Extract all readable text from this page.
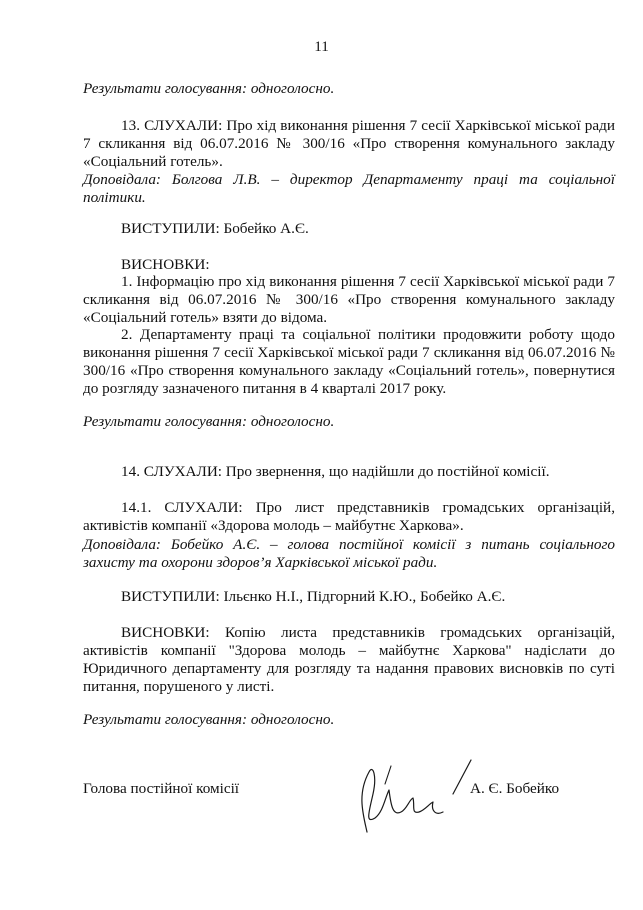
11

Результати голосування: одноголосно.

13. СЛУХАЛИ: Про хід виконання рішення 7 сесії Харківської міської ради 7 скликання від 06.07.2016 № 300/16 «Про створення комунального закладу «Соціальний готель».

Доповідала: Болгова Л.В. – директор Департаменту праці та соціальної політики.

ВИСТУПИЛИ: Бобейко А.Є.

ВИСНОВКИ:

1. Інформацію про хід виконання рішення 7 сесії Харківської міської ради 7 скликання від 06.07.2016 № 300/16 «Про створення комунального закладу «Соціальний готель» взяти до відома.

2. Департаменту праці та соціальної політики продовжити роботу щодо виконання рішення 7 сесії Харківської міської ради 7 скликання від 06.07.2016 № 300/16 «Про створення комунального закладу «Соціальний готель», повернутися до розгляду зазначеного питання в 4 кварталі 2017 року.

Результати голосування: одноголосно.

14. СЛУХАЛИ: Про звернення, що надійшли до постійної комісії.

14.1. СЛУХАЛИ: Про лист представників громадських організацій, активістів компанії «Здорова молодь – майбутнє Харкова».

Доповідала: Бобейко А.Є. – голова постійної комісії з питань соціального захисту та охорони здоров’я Харківської міської ради.

ВИСТУПИЛИ: Ільєнко Н.І., Підгорний К.Ю., Бобейко А.Є.

ВИСНОВКИ: Копію листа представників громадських організацій, активістів компанії "Здорова молодь – майбутнє Харкова" надіслати до Юридичного департаменту для розгляду та надання правових висновків по суті питання, порушеного у листі.

Результати голосування: одноголосно.

Голова постійної комісії	А. Є. Бобейко
